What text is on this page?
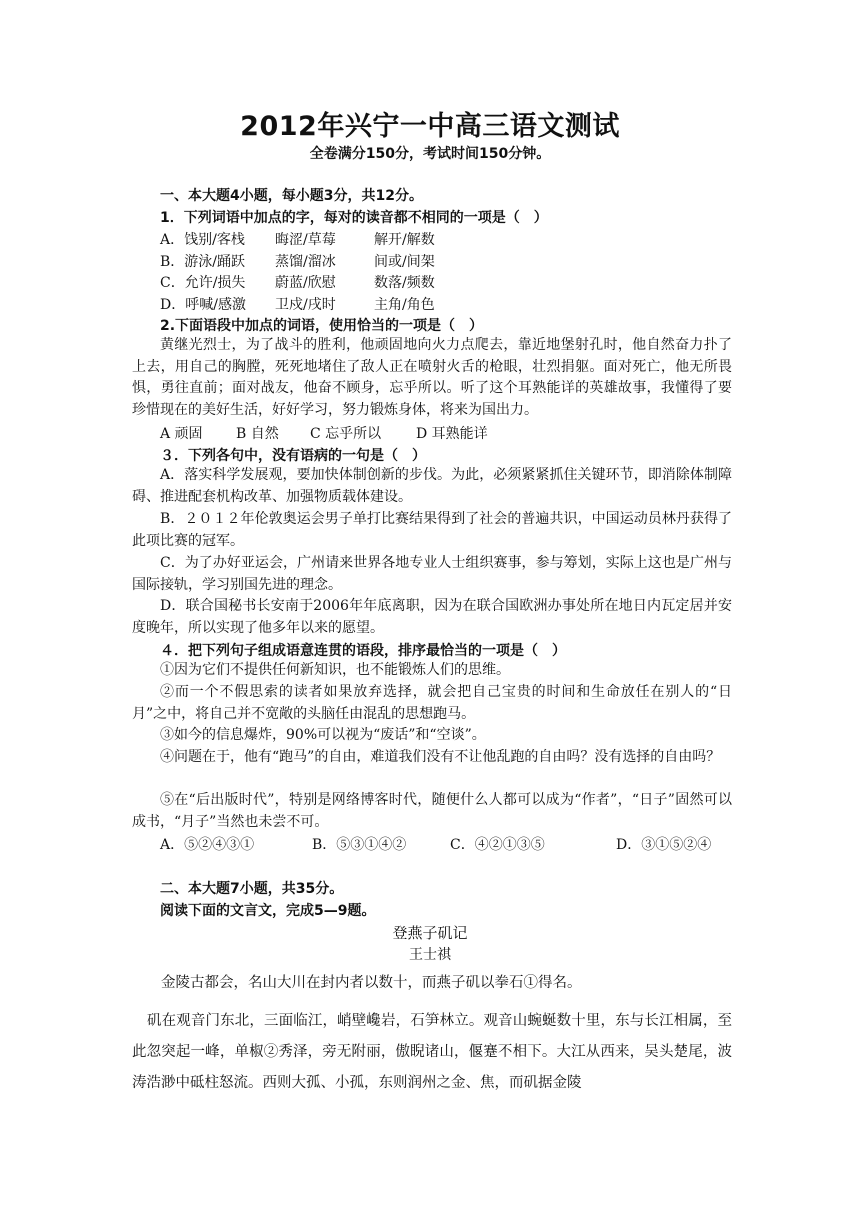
2012年兴宁一中高三语文测试
全卷满分150分，考试时间150分钟。
一、本大题4小题，每小题3分，共12分。
1．下列词语中加点的字，每对的读音都不相同的一项是（　）
A．饯别/客栈 晦涩/草莓	解开/解数
B．游泳/踊跃 蒸馏/溜冰	间或/间架
C．允许/损失 蔚蓝/欣慰	数落/频数
D．呼喊/感激 卫戍/戌时	主角/角色
2.下面语段中加点的词语，使用恰当的一项是（　）
黄继光烈士，为了战斗的胜利，他顽固地向火力点爬去，靠近地堡射孔时，他自然奋力扑了上去，用自己的胸膛，死死地堵住了敌人正在喷射火舌的枪眼，壮烈捐躯。面对死亡，他无所畏惧，勇往直前；面对战友，他奋不顾身，忘乎所以。听了这个耳熟能详的英雄故事，我懂得了要珍惜现在的美好生活，好好学习，努力锻炼身体，将来为国出力。
A 顽固 B 自然 C 忘乎所以 D 耳熟能详
３．下列各句中，没有语病的一句是（　）
A．落实科学发展观，要加快体制创新的步伐。为此，必须紧紧抓住关键环节，即消除体制障碍、推进配套机构改革、加强物质载体建设。
B．２０１２年伦敦奥运会男子单打比赛结果得到了社会的普遍共识，中国运动员林丹获得了此项比赛的冠军。
C．为了办好亚运会，广州请来世界各地专业人士组织赛事，参与筹划，实际上这也是广州与国际接轨，学习别国先进的理念。
D．联合国秘书长安南于2006年年底离职，因为在联合国欧洲办事处所在地日内瓦定居并安度晚年，所以实现了他多年以来的愿望。
４．把下列句子组成语意连贯的语段，排序最恰当的一项是（　）
①因为它们不提供任何新知识，也不能锻炼人们的思维。
②而一个不假思索的读者如果放弃选择，就会把自己宝贵的时间和生命放任在别人的“日月”之中，将自己并不宽敞的头脑任由混乱的思想跑马。
③如今的信息爆炸，90%可以视为“废话”和“空谈”。
④问题在于，他有“跑马”的自由，难道我们没有不让他乱跑的自由吗？没有选择的自由吗？
⑤在“后出版时代”，特别是网络博客时代，随便什么人都可以成为“作者”，“日子”固然可以成书，“月子”当然也未尝不可。
A．⑤②④③①	B．⑤③①④②	C．④②①③⑤	D．③①⑤②④
二、本大题7小题，共35分。
阅读下面的文言文，完成5—9题。
登燕子矶记
王士祺
金陵古都会，名山大川在封内者以数十，而燕子矶以拳石①得名。
矶在观音门东北，三面临江，峭壁巉岩，石笋林立。观音山蜿蜒数十里，东与长江相属，至此忽突起一峰，单椒②秀泽，旁无附丽，傲睨诸山，偃蹇不相下。大江从西来，吴头楚尾，波涛浩渺中砥柱怒流。西则大孤、小孤，东则润州之金、焦，而矶据金陵
